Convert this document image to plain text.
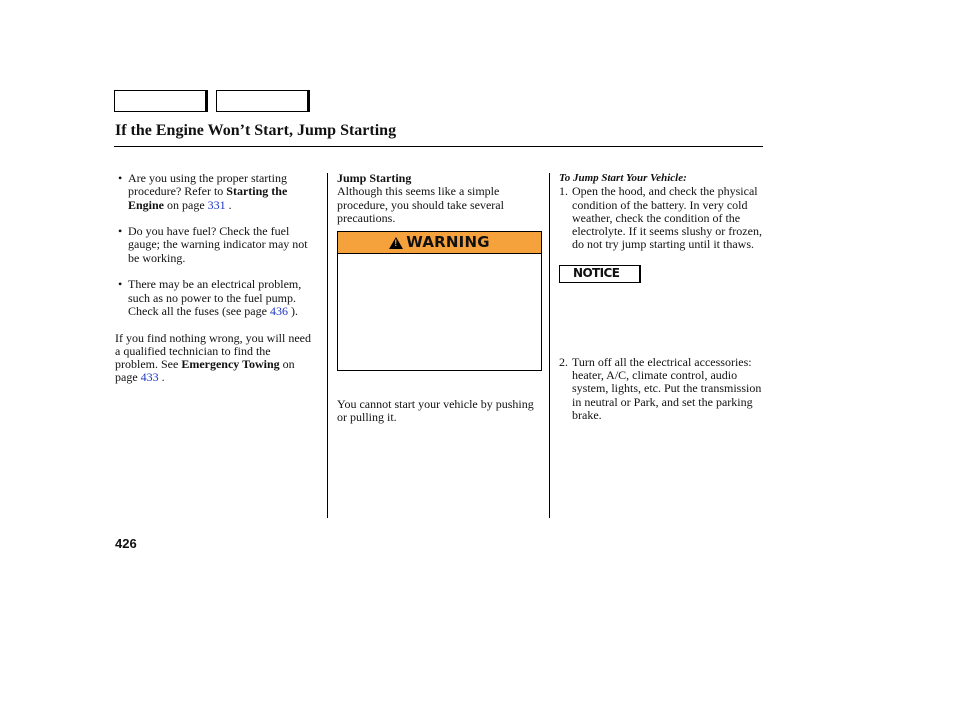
If the Engine Won’t Start, Jump Starting

• Are you using the proper starting procedure? Refer to Starting the Engine on page 331 .

• Do you have fuel? Check the fuel gauge; the warning indicator may not be working.

• There may be an electrical problem, such as no power to the fuel pump. Check all the fuses (see page 436 ).

If you find nothing wrong, you will need a qualified technician to find the problem. See Emergency Towing on page 433 .

Jump Starting

Although this seems like a simple procedure, you should take several precautions.

! WARNING

You cannot start your vehicle by pushing or pulling it.

To Jump Start Your Vehicle:

1. Open the hood, and check the physical condition of the battery. In very cold weather, check the condition of the electrolyte. If it seems slushy or frozen, do not try jump starting until it thaws.

NOTICE

2. Turn off all the electrical accessories: heater, A/C, climate control, audio system, lights, etc. Put the transmission in neutral or Park, and set the parking brake.

426
